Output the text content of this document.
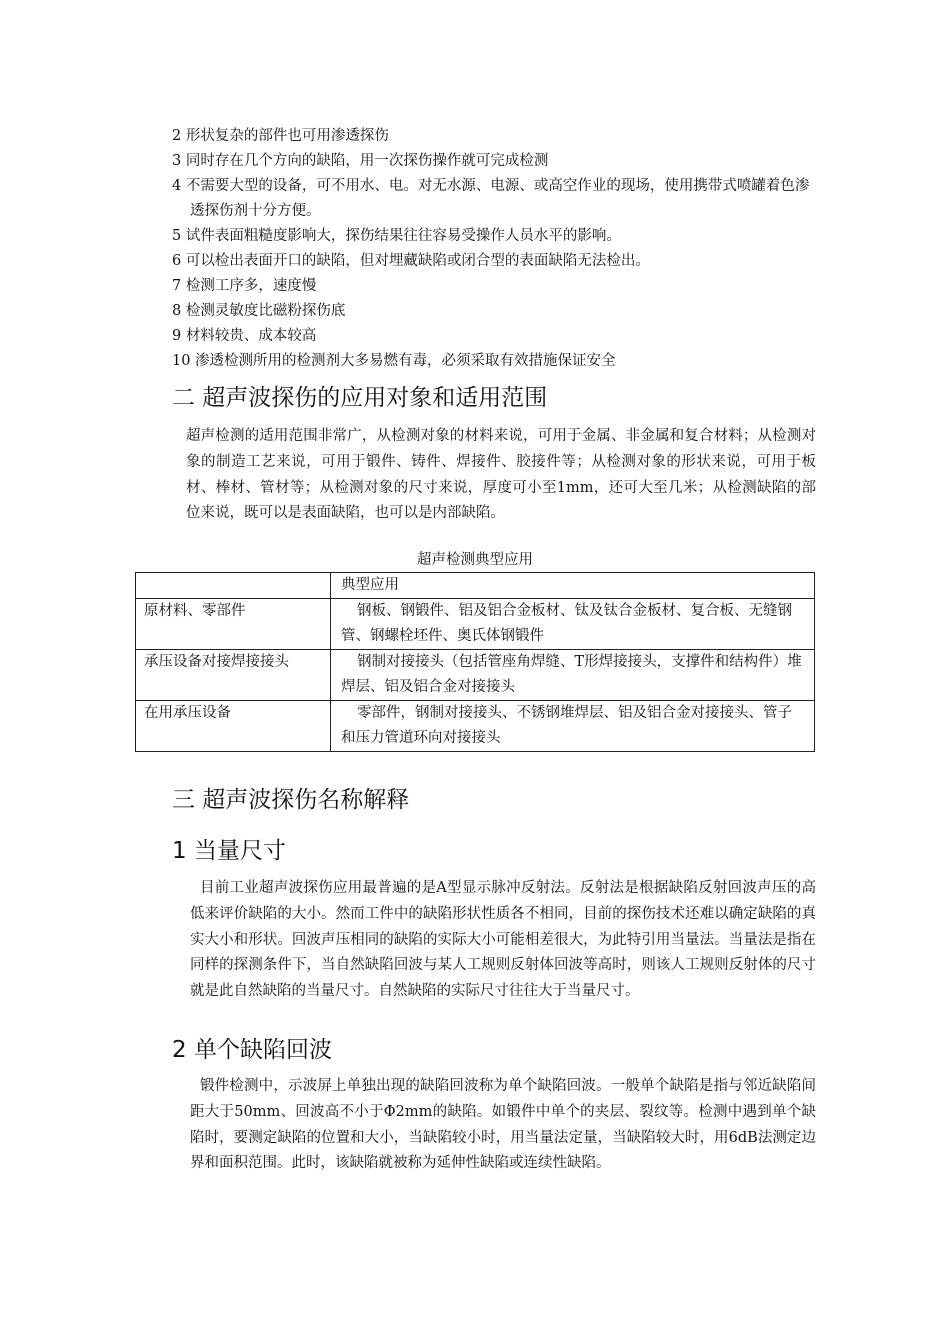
2 形状复杂的部件也可用渗透探伤
3 同时存在几个方向的缺陷，用一次探伤操作就可完成检测
4 不需要大型的设备，可不用水、电。对无水源、电源、或高空作业的现场，使用携带式喷罐着色渗透探伤剂十分方便。
5 试件表面粗糙度影响大，探伤结果往往容易受操作人员水平的影响。
6 可以检出表面开口的缺陷，但对埋藏缺陷或闭合型的表面缺陷无法检出。
7 检测工序多，速度慢
8 检测灵敏度比磁粉探伤底
9 材料较贵、成本较高
10 渗透检测所用的检测剂大多易燃有毒，必须采取有效措施保证安全
二 超声波探伤的应用对象和适用范围
超声检测的适用范围非常广，从检测对象的材料来说，可用于金属、非金属和复合材料；从检测对象的制造工艺来说，可用于锻件、铸件、焊接件、胶接件等；从检测对象的形状来说，可用于板材、棒材、管材等；从检测对象的尺寸来说，厚度可小至1mm，还可大至几米；从检测缺陷的部位来说，既可以是表面缺陷，也可以是内部缺陷。
超声检测典型应用
	典型应用
原材料、零部件	钢板、钢锻件、铝及铝合金板材、钛及钛合金板材、复合板、无缝钢管、钢螺栓坯件、奥氏体钢锻件
承压设备对接焊接接头	钢制对接接头（包括管座角焊缝、T形焊接接头，支撑件和结构件）堆焊层、铝及铝合金对接接头
在用承压设备	零部件，钢制对接接头、不锈钢堆焊层、铝及铝合金对接接头、管子和压力管道环向对接接头
三 超声波探伤名称解释
1 当量尺寸
目前工业超声波探伤应用最普遍的是A型显示脉冲反射法。反射法是根据缺陷反射回波声压的高低来评价缺陷的大小。然而工件中的缺陷形状性质各不相同，目前的探伤技术还难以确定缺陷的真实大小和形状。回波声压相同的缺陷的实际大小可能相差很大，为此特引用当量法。当量法是指在同样的探测条件下，当自然缺陷回波与某人工规则反射体回波等高时，则该人工规则反射体的尺寸就是此自然缺陷的当量尺寸。自然缺陷的实际尺寸往往大于当量尺寸。
2 单个缺陷回波
锻件检测中，示波屏上单独出现的缺陷回波称为单个缺陷回波。一般单个缺陷是指与邻近缺陷间距大于50mm、回波高不小于Φ2mm的缺陷。如锻件中单个的夹层、裂纹等。检测中遇到单个缺陷时，要测定缺陷的位置和大小，当缺陷较小时，用当量法定量，当缺陷较大时，用6dB法测定边界和面积范围。此时，该缺陷就被称为延伸性缺陷或连续性缺陷。
